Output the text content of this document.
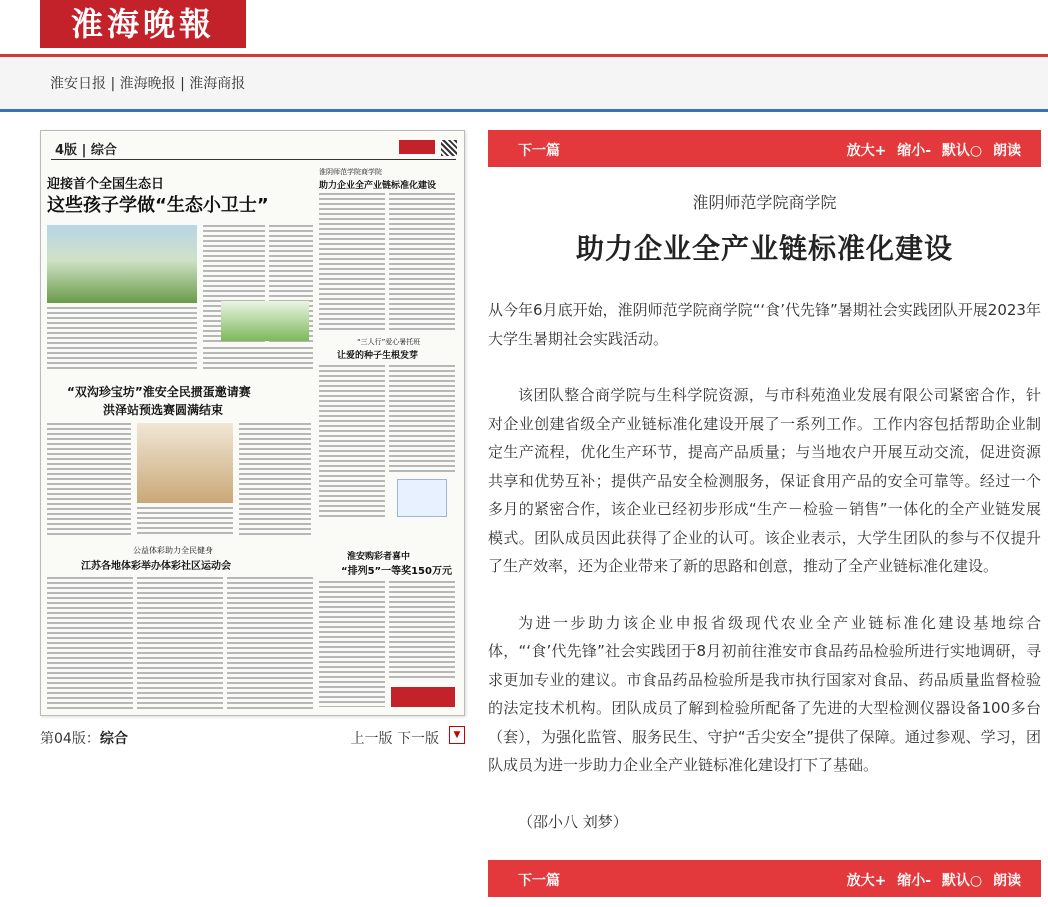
淮海晚報
淮安日报 | 淮海晚报 | 淮海商报
4版 | 综合
迎接首个全国生态日
这些孩子学做“生态小卫士”
淮阴师范学院商学院
助力企业全产业链标准化建设
“三人行”爱心暑托班
让爱的种子生根发芽
“双沟珍宝坊”淮安全民掼蛋邀请赛
洪泽站预选赛圆满结束
公益体彩助力全民健身
江苏各地体彩举办体彩社区运动会
淮安购彩者喜中
“排列5”一等奖150万元
第04版：综合	上一版 下一版	▼
下一篇	放大+ 缩小- 默认○ 朗读
淮阴师范学院商学院
助力企业全产业链标准化建设

从今年6月底开始，淮阴师范学院商学院“‘食’代先锋”暑期社会实践团队开展2023年大学生暑期社会实践活动。

该团队整合商学院与生科学院资源，与市科苑渔业发展有限公司紧密合作，针对企业创建省级全产业链标准化建设开展了一系列工作。工作内容包括帮助企业制定生产流程，优化生产环节，提高产品质量；与当地农户开展互动交流，促进资源共享和优势互补；提供产品安全检测服务，保证食用产品的安全可靠等。经过一个多月的紧密合作，该企业已经初步形成“生产－检验－销售”一体化的全产业链发展模式。团队成员因此获得了企业的认可。该企业表示，大学生团队的参与不仅提升了生产效率，还为企业带来了新的思路和创意，推动了全产业链标准化建设。

为进一步助力该企业申报省级现代农业全产业链标准化建设基地综合体，“‘食’代先锋”社会实践团于8月初前往淮安市食品药品检验所进行实地调研，寻求更加专业的建议。市食品药品检验所是我市执行国家对食品、药品质量监督检验的法定技术机构。团队成员了解到检验所配备了先进的大型检测仪器设备100多台（套），为强化监管、服务民生、守护“舌尖安全”提供了保障。通过参观、学习，团队成员为进一步助力企业全产业链标准化建设打下了基础。

（邵小八 刘梦）

下一篇	放大+ 缩小- 默认○ 朗读
